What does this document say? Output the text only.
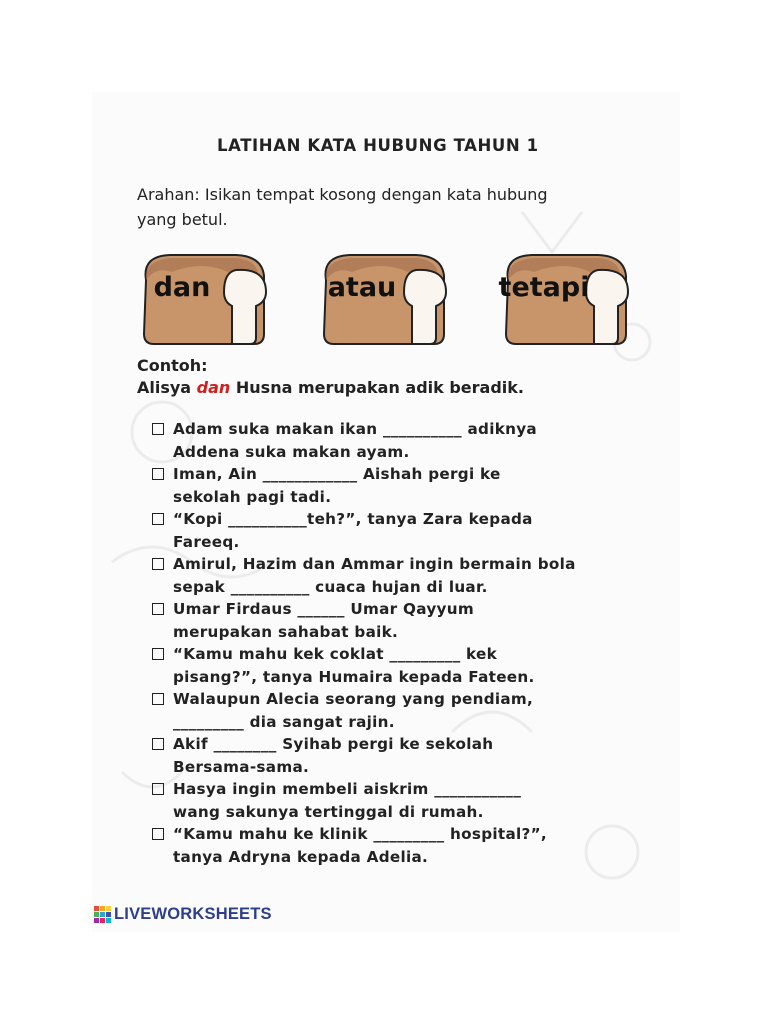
LATIHAN KATA HUBUNG TAHUN 1
Arahan: Isikan tempat kosong dengan kata hubung
yang betul.
dan	atau	tetapi
Contoh:
Alisya dan Husna merupakan adik beradik.
Adam suka makan ikan __________ adiknya
Addena suka makan ayam.
Iman, Ain ____________ Aishah pergi ke
sekolah pagi tadi.
“Kopi __________teh?”, tanya Zara kepada
Fareeq.
Amirul, Hazim dan Ammar ingin bermain bola
sepak __________ cuaca hujan di luar.
Umar Firdaus ______ Umar Qayyum
merupakan sahabat baik.
“Kamu mahu kek coklat _________ kek
pisang?”, tanya Humaira kepada Fateen.
Walaupun Alecia seorang yang pendiam,
_________ dia sangat rajin.
Akif ________ Syihab pergi ke sekolah
Bersama-sama.
Hasya ingin membeli aiskrim ___________
wang sakunya tertinggal di rumah.
“Kamu mahu ke klinik _________ hospital?”,
tanya Adryna kepada Adelia.
LIVEWORKSHEETS
